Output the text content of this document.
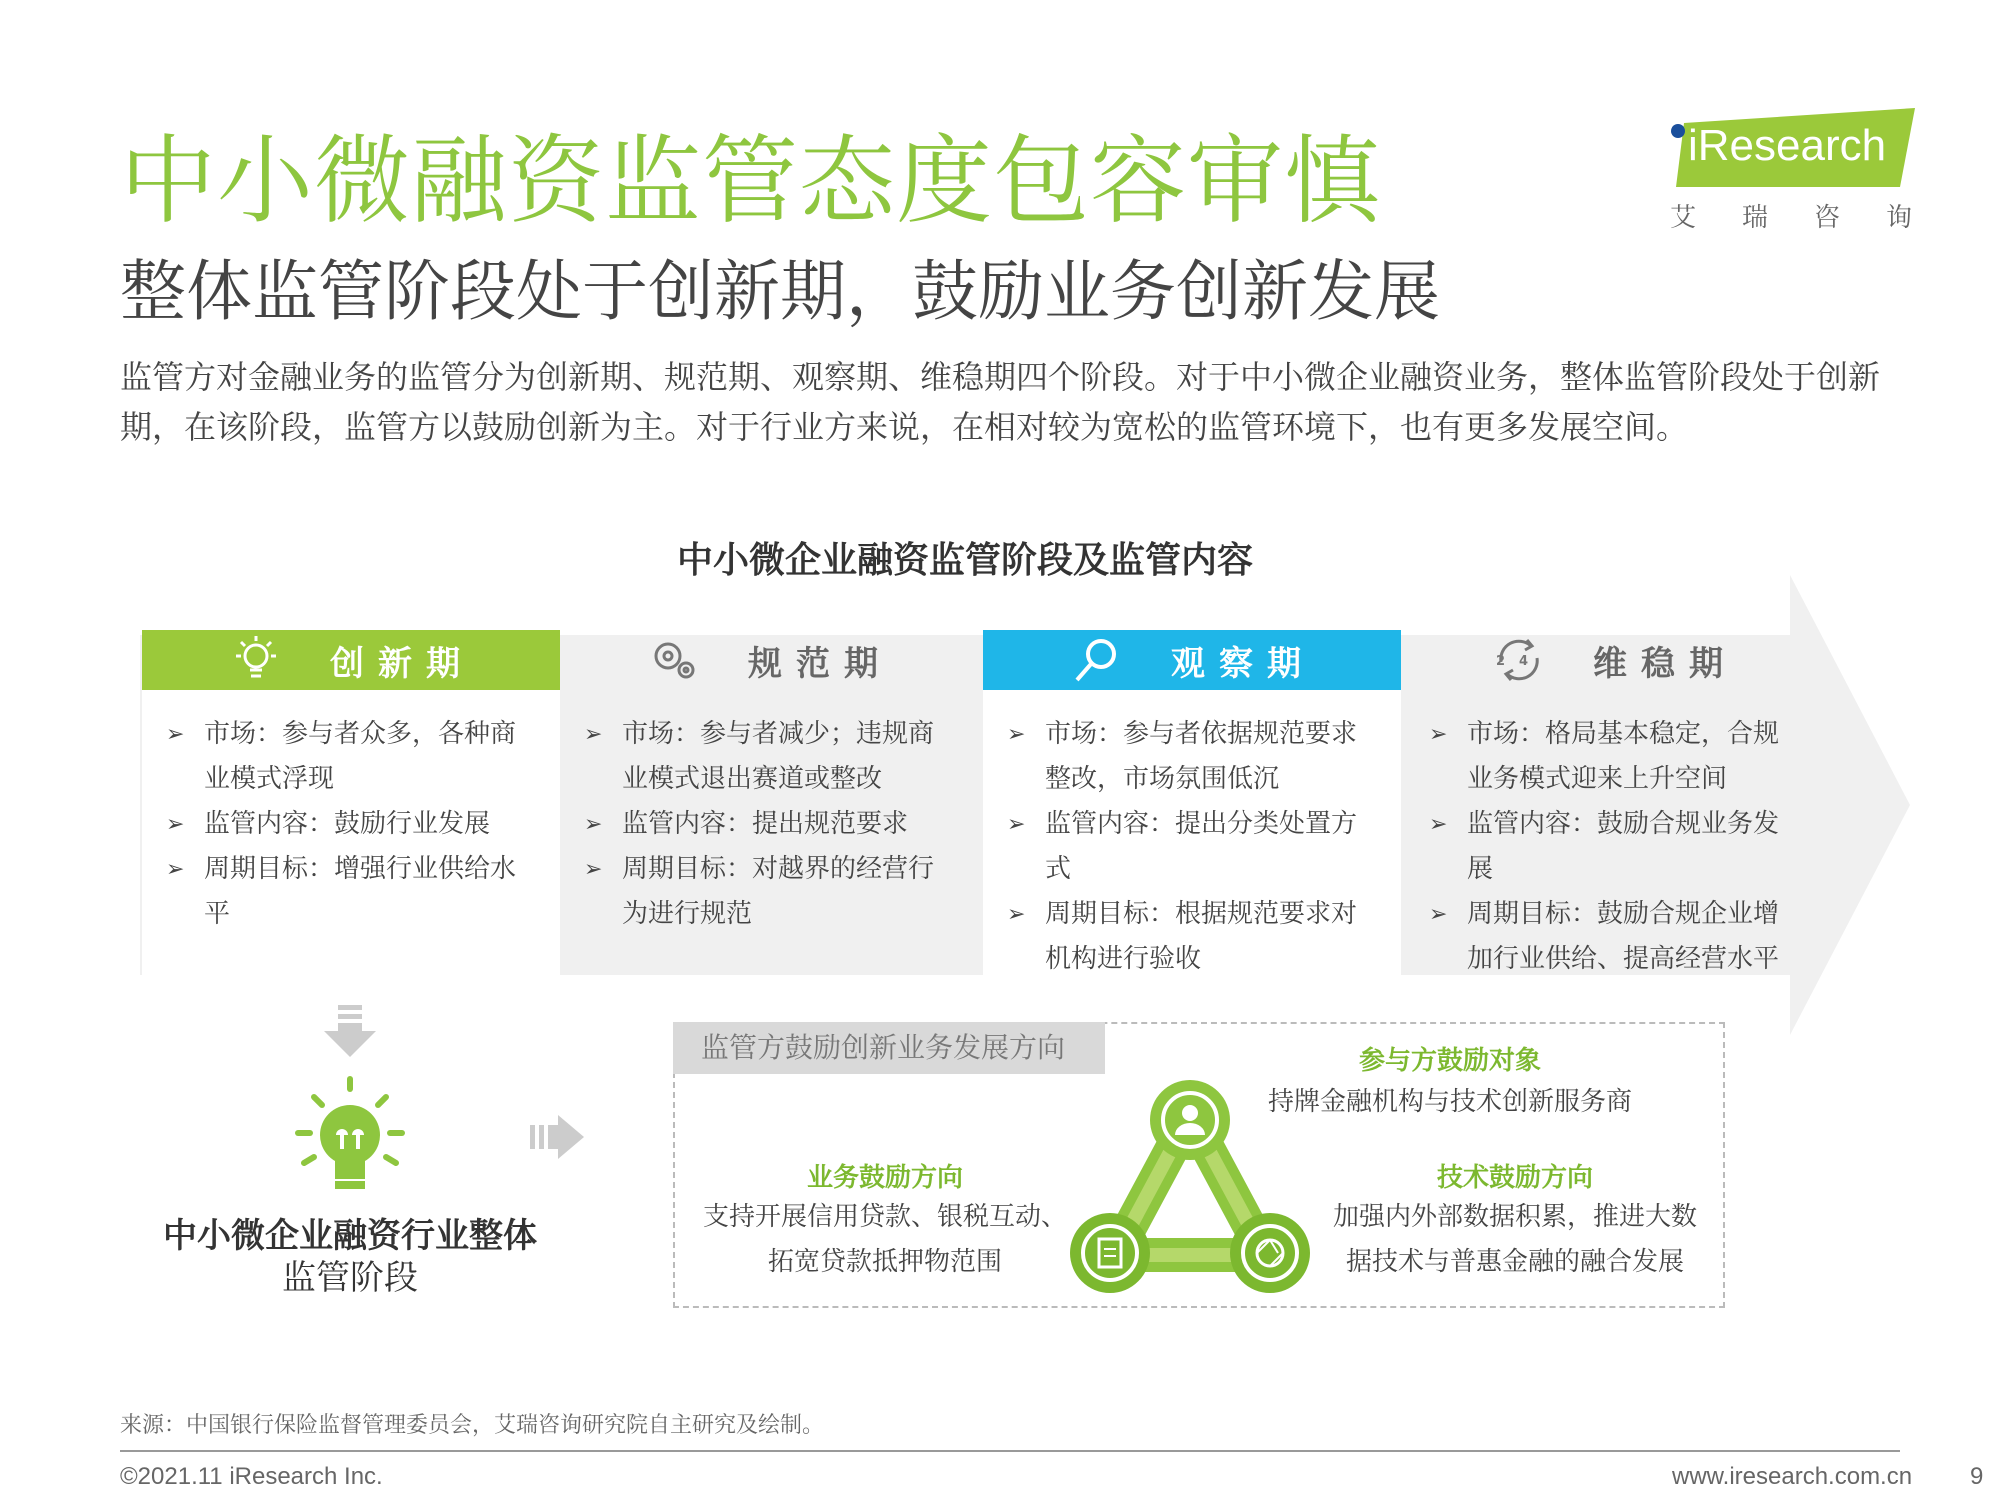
中小微融资监管态度包容审慎
整体监管阶段处于创新期，鼓励业务创新发展
监管方对金融业务的监管分为创新期、规范期、观察期、维稳期四个阶段。对于中小微企业融资业务，整体监管阶段处于创新期，在该阶段，监管方以鼓励创新为主。对于行业方来说，在相对较为宽松的监管环境下，也有更多发展空间。
iResearch
艾瑞咨询
中小微企业融资监管阶段及监管内容
创新期
➢ 市场：参与者众多，各种商业模式浮现
➢ 监管内容：鼓励行业发展
➢ 周期目标：增强行业供给水平
规范期
➢ 市场：参与者减少；违规商业模式退出赛道或整改
➢ 监管内容：提出规范要求
➢ 周期目标：对越界的经营行为进行规范
观察期
➢ 市场：参与者依据规范要求整改，市场氛围低沉
➢ 监管内容：提出分类处置方式
➢ 周期目标：根据规范要求对机构进行验收
24 维稳期
➢ 市场：格局基本稳定，合规业务模式迎来上升空间
➢ 监管内容：鼓励合规业务发展
➢ 周期目标：鼓励合规企业增加行业供给、提高经营水平
中小微企业融资行业整体
监管阶段
监管方鼓励创新业务发展方向	参与方鼓励对象
持牌金融机构与技术创新服务商
业务鼓励方向
支持开展信用贷款、银税互动、
拓宽贷款抵押物范围
技术鼓励方向
加强内外部数据积累，推进大数
据技术与普惠金融的融合发展
来源：中国银行保险监督管理委员会，艾瑞咨询研究院自主研究及绘制。
©2021.11 iResearch Inc.	www.iresearch.com.cn 9
